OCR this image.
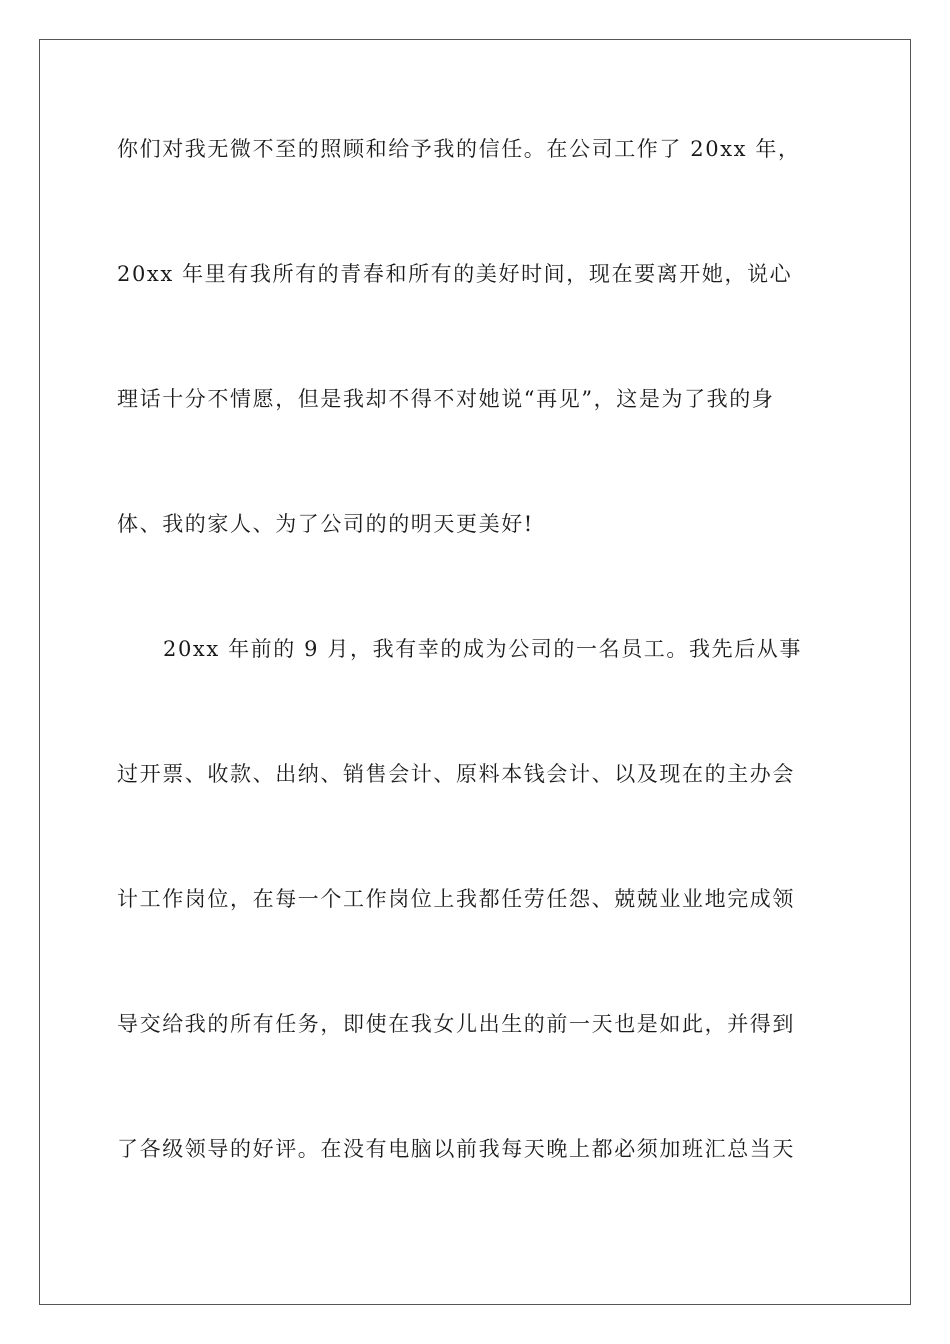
你们对我无微不至的照顾和给予我的信任。在公司工作了 20xx 年，
20xx 年里有我所有的青春和所有的美好时间，现在要离开她，说心
理话十分不情愿，但是我却不得不对她说“再见”，这是为了我的身
体、我的家人、为了公司的的明天更美好!
20xx 年前的 9 月，我有幸的成为公司的一名员工。我先后从事
过开票、收款、出纳、销售会计、原料本钱会计、以及现在的主办会
计工作岗位，在每一个工作岗位上我都任劳任怨、兢兢业业地完成领
导交给我的所有任务，即使在我女儿出生的前一天也是如此，并得到
了各级领导的好评。在没有电脑以前我每天晚上都必须加班汇总当天
